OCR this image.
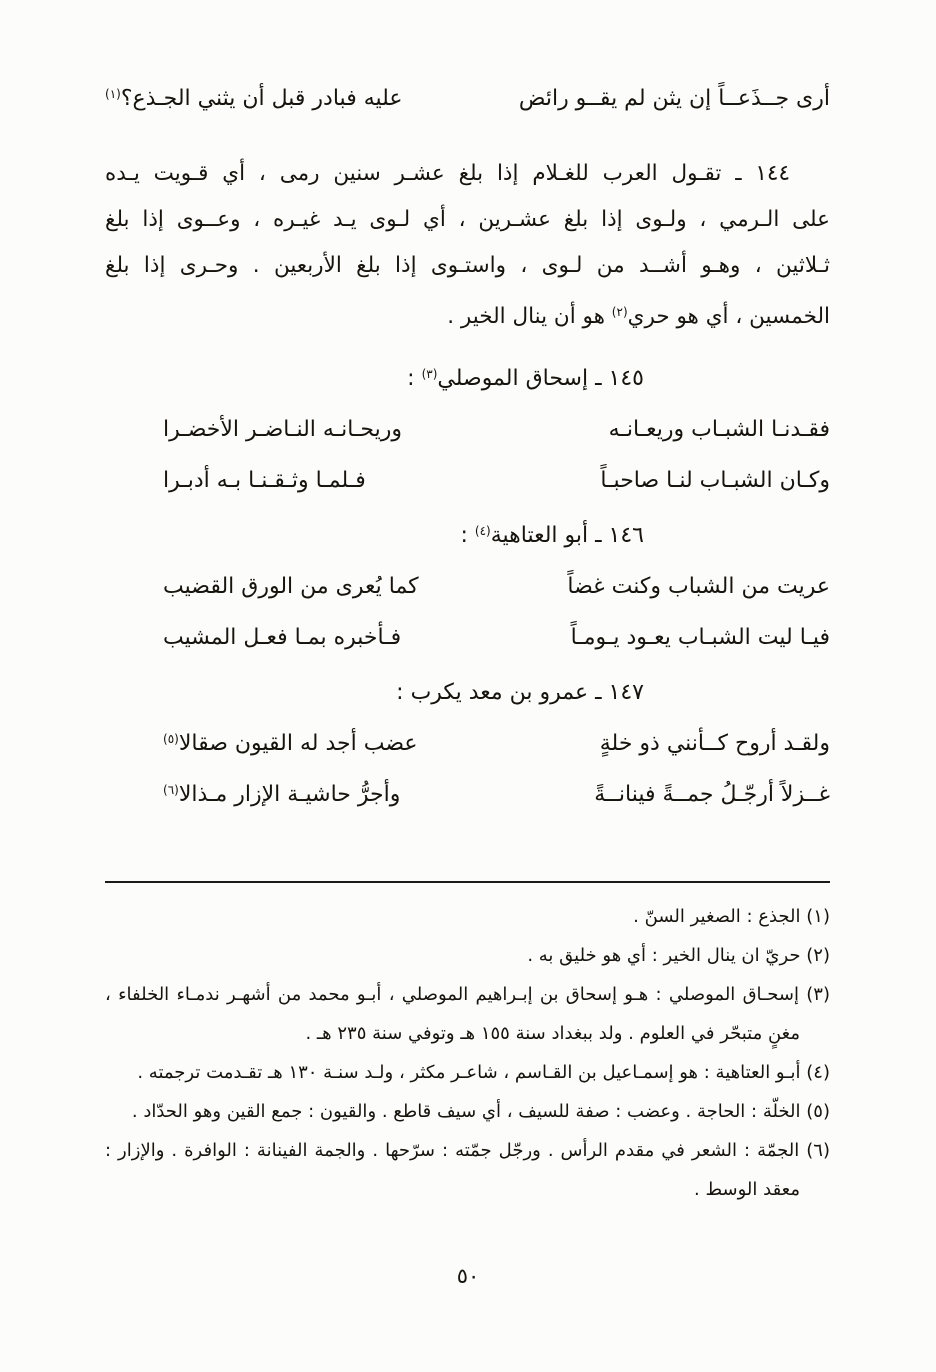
أرى جــذَعــاً إن يثن لم يقــو رائض
عليه فبادر قبل أن يثني الجـذع؟$^{(١)}$
١٤٤ ـ تقـول العرب للغـلام إذا بلغ عشـر سنين رمى ، أي قـويت يـده
على الـرمي ، ولـوى إذا بلغ عشـرين ، أي لـوى يـد غيـره ، وعــوى إذا بلغ
ثـلاثين ، وهـو أشــد من لـوى ، واستـوى إذا بلغ الأربعين . وحـرى إذا بلغ
الخمسين ، أي هو حري$^{(٢)}$ هو أن ينال الخير .
١٤٥ ـ إسحاق الموصلي$^{(٣)}$ :
فقـدنـا الشبـاب وريعـانـه
وريحـانـه النـاضـر الأخضـرا
وكـان الشبـاب لنـا صاحبـاً
فـلمـا وثـقـنـا بـه أدبـرا
١٤٦ ـ أبو العتاهية$^{(٤)}$ :
عريت من الشباب وكنت غضاً
كما يُعرى من الورق القضيب
فيـا ليت الشبـاب يعـود يـومـاً
فـأخبره بمـا فعـل المشيب
١٤٧ ـ عمرو بن معد يكرب :
ولقـد أروح كــأنني ذو خلةٍ
عضب أجد له القيون صقالا$^{(٥)}$
غــزلاً أرجّـلُ جمــةً فينانــةً
وأجرُّ حاشيـة الإزار مـذالا$^{(٦)}$
(١) الجذع : الصغير السنّ .
(٢) حريّ ان ينال الخير : أي هو خليق به .
(٣) إسحـاق الموصلي : هـو إسحاق بن إبـراهيم الموصلي ، أبـو محمد من أشهـر ندمـاء الخلفاء ، مغنٍ متبحّر في العلوم . ولد ببغداد سنة ١٥٥ هـ وتوفي سنة ٢٣٥ هـ .
(٤) أبـو العتاهية : هو إسمـاعيل بن القـاسم ، شاعـر مكثر ، ولـد سنـة ١٣٠ هـ تقـدمت ترجمته .
(٥) الخلّة : الحاجة . وعضب : صفة للسيف ، أي سيف قاطع . والقيون : جمع القين وهو الحدّاد .
(٦) الجمّة : الشعر في مقدم الرأس . ورجّل جمّته : سرّحها . والجمة الفينانة : الوافرة . والإزار : معقد الوسط .
٥٠
